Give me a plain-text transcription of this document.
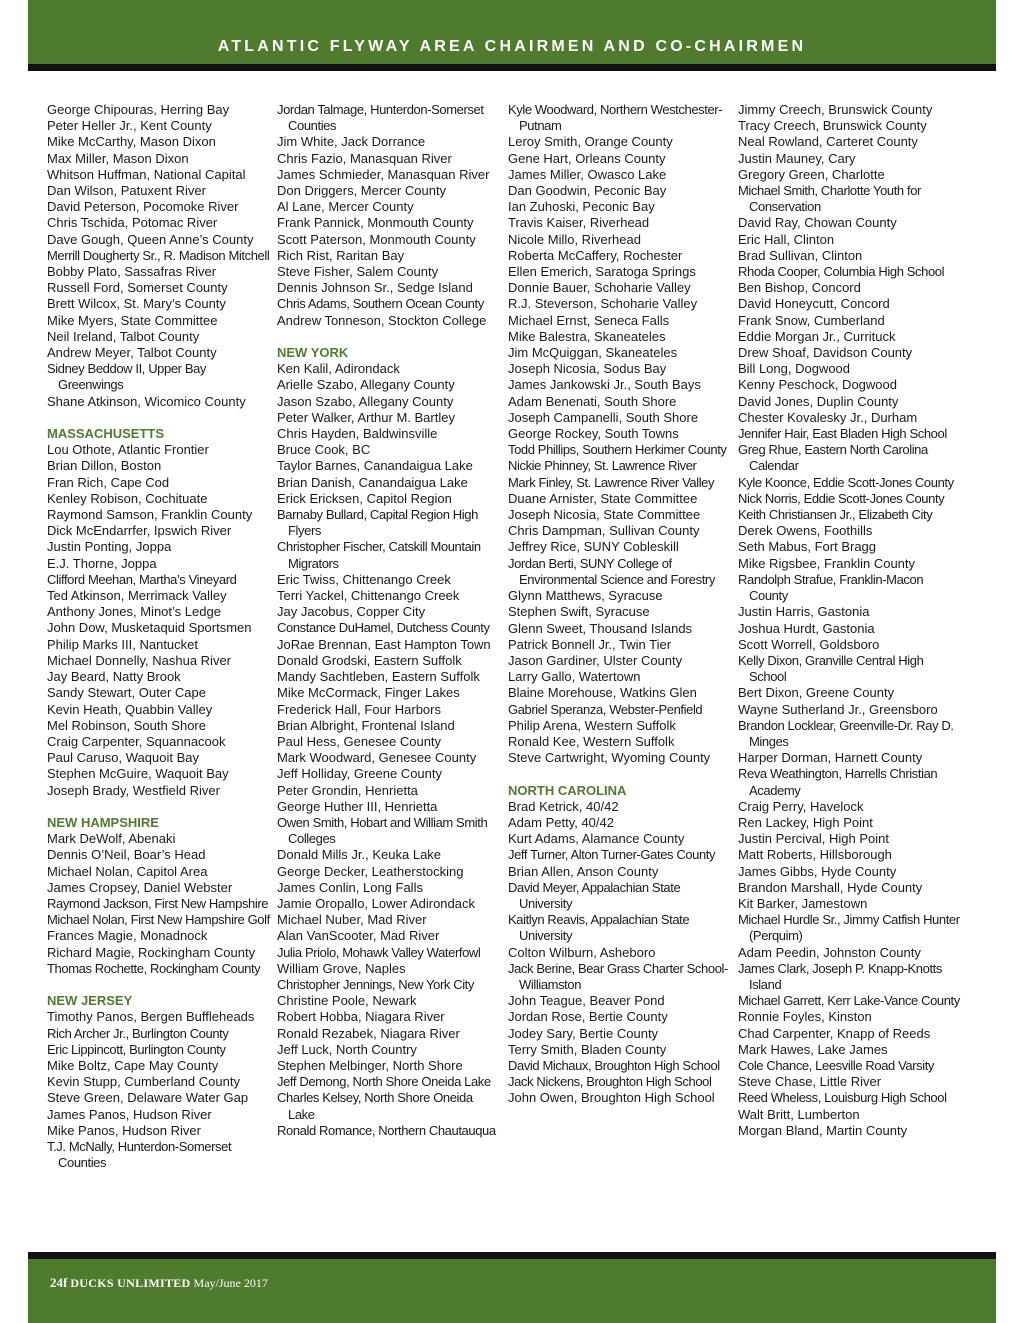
ATLANTIC FLYWAY AREA CHAIRMEN AND CO-CHAIRMEN
George Chipouras, Herring Bay
Peter Heller Jr., Kent County
Mike McCarthy, Mason Dixon
Max Miller, Mason Dixon
Whitson Huffman, National Capital
Dan Wilson, Patuxent River
David Peterson, Pocomoke River
Chris Tschida, Potomac River
Dave Gough, Queen Anne’s County
Merrill Dougherty Sr., R. Madison Mitchell
Bobby Plato, Sassafras River
Russell Ford, Somerset County
Brett Wilcox, St. Mary’s County
Mike Myers, State Committee
Neil Ireland, Talbot County
Andrew Meyer, Talbot County
Sidney Beddow II, Upper Bay Greenwings
Shane Atkinson, Wicomico County
MASSACHUSETTS
Lou Othote, Atlantic Frontier
Brian Dillon, Boston
Fran Rich, Cape Cod
Kenley Robison, Cochituate
Raymond Samson, Franklin County
Dick McEndarrfer, Ipswich River
Justin Ponting, Joppa
E.J. Thorne, Joppa
Clifford Meehan, Martha’s Vineyard
Ted Atkinson, Merrimack Valley
Anthony Jones, Minot’s Ledge
John Dow, Musketaquid Sportsmen
Philip Marks III, Nantucket
Michael Donnelly, Nashua River
Jay Beard, Natty Brook
Sandy Stewart, Outer Cape
Kevin Heath, Quabbin Valley
Mel Robinson, South Shore
Craig Carpenter, Squannacook
Paul Caruso, Waquoit Bay
Stephen McGuire, Waquoit Bay
Joseph Brady, Westfield River
NEW HAMPSHIRE
Mark DeWolf, Abenaki
Dennis O’Neil, Boar’s Head
Michael Nolan, Capitol Area
James Cropsey, Daniel Webster
Raymond Jackson, First New Hampshire
Michael Nolan, First New Hampshire Golf
Frances Magie, Monadnock
Richard Magie, Rockingham County
Thomas Rochette, Rockingham County
NEW JERSEY
Timothy Panos, Bergen Buffleheads
Rich Archer Jr., Burlington County
Eric Lippincott, Burlington County
Mike Boltz, Cape May County
Kevin Stupp, Cumberland County
Steve Green, Delaware Water Gap
James Panos, Hudson River
Mike Panos, Hudson River
T.J. McNally, Hunterdon-Somerset Counties
Jordan Talmage, Hunterdon-Somerset Counties
Jim White, Jack Dorrance
Chris Fazio, Manasquan River
James Schmieder, Manasquan River
Don Driggers, Mercer County
Al Lane, Mercer County
Frank Pannick, Monmouth County
Scott Paterson, Monmouth County
Rich Rist, Raritan Bay
Steve Fisher, Salem County
Dennis Johnson Sr., Sedge Island
Chris Adams, Southern Ocean County
Andrew Tonneson, Stockton College
NEW YORK
Ken Kalil, Adirondack
Arielle Szabo, Allegany County
Jason Szabo, Allegany County
Peter Walker, Arthur M. Bartley
Chris Hayden, Baldwinsville
Bruce Cook, BC
Taylor Barnes, Canandaigua Lake
Brian Danish, Canandaigua Lake
Erick Ericksen, Capitol Region
Barnaby Bullard, Capital Region High Flyers
Christopher Fischer, Catskill Mountain Migrators
Eric Twiss, Chittenango Creek
Terri Yackel, Chittenango Creek
Jay Jacobus, Copper City
Constance DuHamel, Dutchess County
JoRae Brennan, East Hampton Town
Donald Grodski, Eastern Suffolk
Mandy Sachtleben, Eastern Suffolk
Mike McCormack, Finger Lakes
Frederick Hall, Four Harbors
Brian Albright, Frontenal Island
Paul Hess, Genesee County
Mark Woodward, Genesee County
Jeff Holliday, Greene County
Peter Grondin, Henrietta
George Huther III, Henrietta
Owen Smith, Hobart and William Smith Colleges
Donald Mills Jr., Keuka Lake
George Decker, Leatherstocking
James Conlin, Long Falls
Jamie Oropallo, Lower Adirondack
Michael Nuber, Mad River
Alan VanScooter, Mad River
Julia Priolo, Mohawk Valley Waterfowl
William Grove, Naples
Christopher Jennings, New York City
Christine Poole, Newark
Robert Hobba, Niagara River
Ronald Rezabek, Niagara River
Jeff Luck, North Country
Stephen Melbinger, North Shore
Jeff Demong, North Shore Oneida Lake
Charles Kelsey, North Shore Oneida Lake
Ronald Romance, Northern Chautauqua
Kyle Woodward, Northern Westchester-Putnam
Leroy Smith, Orange County
Gene Hart, Orleans County
James Miller, Owasco Lake
Dan Goodwin, Peconic Bay
Ian Zuhoski, Peconic Bay
Travis Kaiser, Riverhead
Nicole Millo, Riverhead
Roberta McCaffery, Rochester
Ellen Emerich, Saratoga Springs
Donnie Bauer, Schoharie Valley
R.J. Steverson, Schoharie Valley
Michael Ernst, Seneca Falls
Mike Balestra, Skaneateles
Jim McQuiggan, Skaneateles
Joseph Nicosia, Sodus Bay
James Jankowski Jr., South Bays
Adam Benenati, South Shore
Joseph Campanelli, South Shore
George Rockey, South Towns
Todd Phillips, Southern Herkimer County
Nickie Phinney, St. Lawrence River
Mark Finley, St. Lawrence River Valley
Duane Arnister, State Committee
Joseph Nicosia, State Committee
Chris Dampman, Sullivan County
Jeffrey Rice, SUNY Cobleskill
Jordan Berti, SUNY College of Environmental Science and Forestry
Glynn Matthews, Syracuse
Stephen Swift, Syracuse
Glenn Sweet, Thousand Islands
Patrick Bonnell Jr., Twin Tier
Jason Gardiner, Ulster County
Larry Gallo, Watertown
Blaine Morehouse, Watkins Glen
Gabriel Speranza, Webster-Penfield
Philip Arena, Western Suffolk
Ronald Kee, Western Suffolk
Steve Cartwright, Wyoming County
NORTH CAROLINA
Brad Ketrick, 40/42
Adam Petty, 40/42
Kurt Adams, Alamance County
Jeff Turner, Alton Turner-Gates County
Brian Allen, Anson County
David Meyer, Appalachian State University
Kaitlyn Reavis, Appalachian State University
Colton Wilburn, Asheboro
Jack Berine, Bear Grass Charter School-Williamston
John Teague, Beaver Pond
Jordan Rose, Bertie County
Jodey Sary, Bertie County
Terry Smith, Bladen County
David Michaux, Broughton High School
Jack Nickens, Broughton High School
John Owen, Broughton High School
Jimmy Creech, Brunswick County
Tracy Creech, Brunswick County
Neal Rowland, Carteret County
Justin Mauney, Cary
Gregory Green, Charlotte
Michael Smith, Charlotte Youth for Conservation
David Ray, Chowan County
Eric Hall, Clinton
Brad Sullivan, Clinton
Rhoda Cooper, Columbia High School
Ben Bishop, Concord
David Honeycutt, Concord
Frank Snow, Cumberland
Eddie Morgan Jr., Currituck
Drew Shoaf, Davidson County
Bill Long, Dogwood
Kenny Peschock, Dogwood
David Jones, Duplin County
Chester Kovalesky Jr., Durham
Jennifer Hair, East Bladen High School
Greg Rhue, Eastern North Carolina Calendar
Kyle Koonce, Eddie Scott-Jones County
Nick Norris, Eddie Scott-Jones County
Keith Christiansen Jr., Elizabeth City
Derek Owens, Foothills
Seth Mabus, Fort Bragg
Mike Rigsbee, Franklin County
Randolph Strafue, Franklin-Macon County
Justin Harris, Gastonia
Joshua Hurdt, Gastonia
Scott Worrell, Goldsboro
Kelly Dixon, Granville Central High School
Bert Dixon, Greene County
Wayne Sutherland Jr., Greensboro
Brandon Locklear, Greenville-Dr. Ray D. Minges
Harper Dorman, Harnett County
Reva Weathington, Harrells Christian Academy
Craig Perry, Havelock
Ren Lackey, High Point
Justin Percival, High Point
Matt Roberts, Hillsborough
James Gibbs, Hyde County
Brandon Marshall, Hyde County
Kit Barker, Jamestown
Michael Hurdle Sr., Jimmy Catfish Hunter (Perquim)
Adam Peedin, Johnston County
James Clark, Joseph P. Knapp-Knotts Island
Michael Garrett, Kerr Lake-Vance County
Ronnie Foyles, Kinston
Chad Carpenter, Knapp of Reeds
Mark Hawes, Lake James
Cole Chance, Leesville Road Varsity
Steve Chase, Little River
Reed Wheless, Louisburg High School
Walt Britt, Lumberton
Morgan Bland, Martin County
24f DUCKS UNLIMITED May/June 2017
